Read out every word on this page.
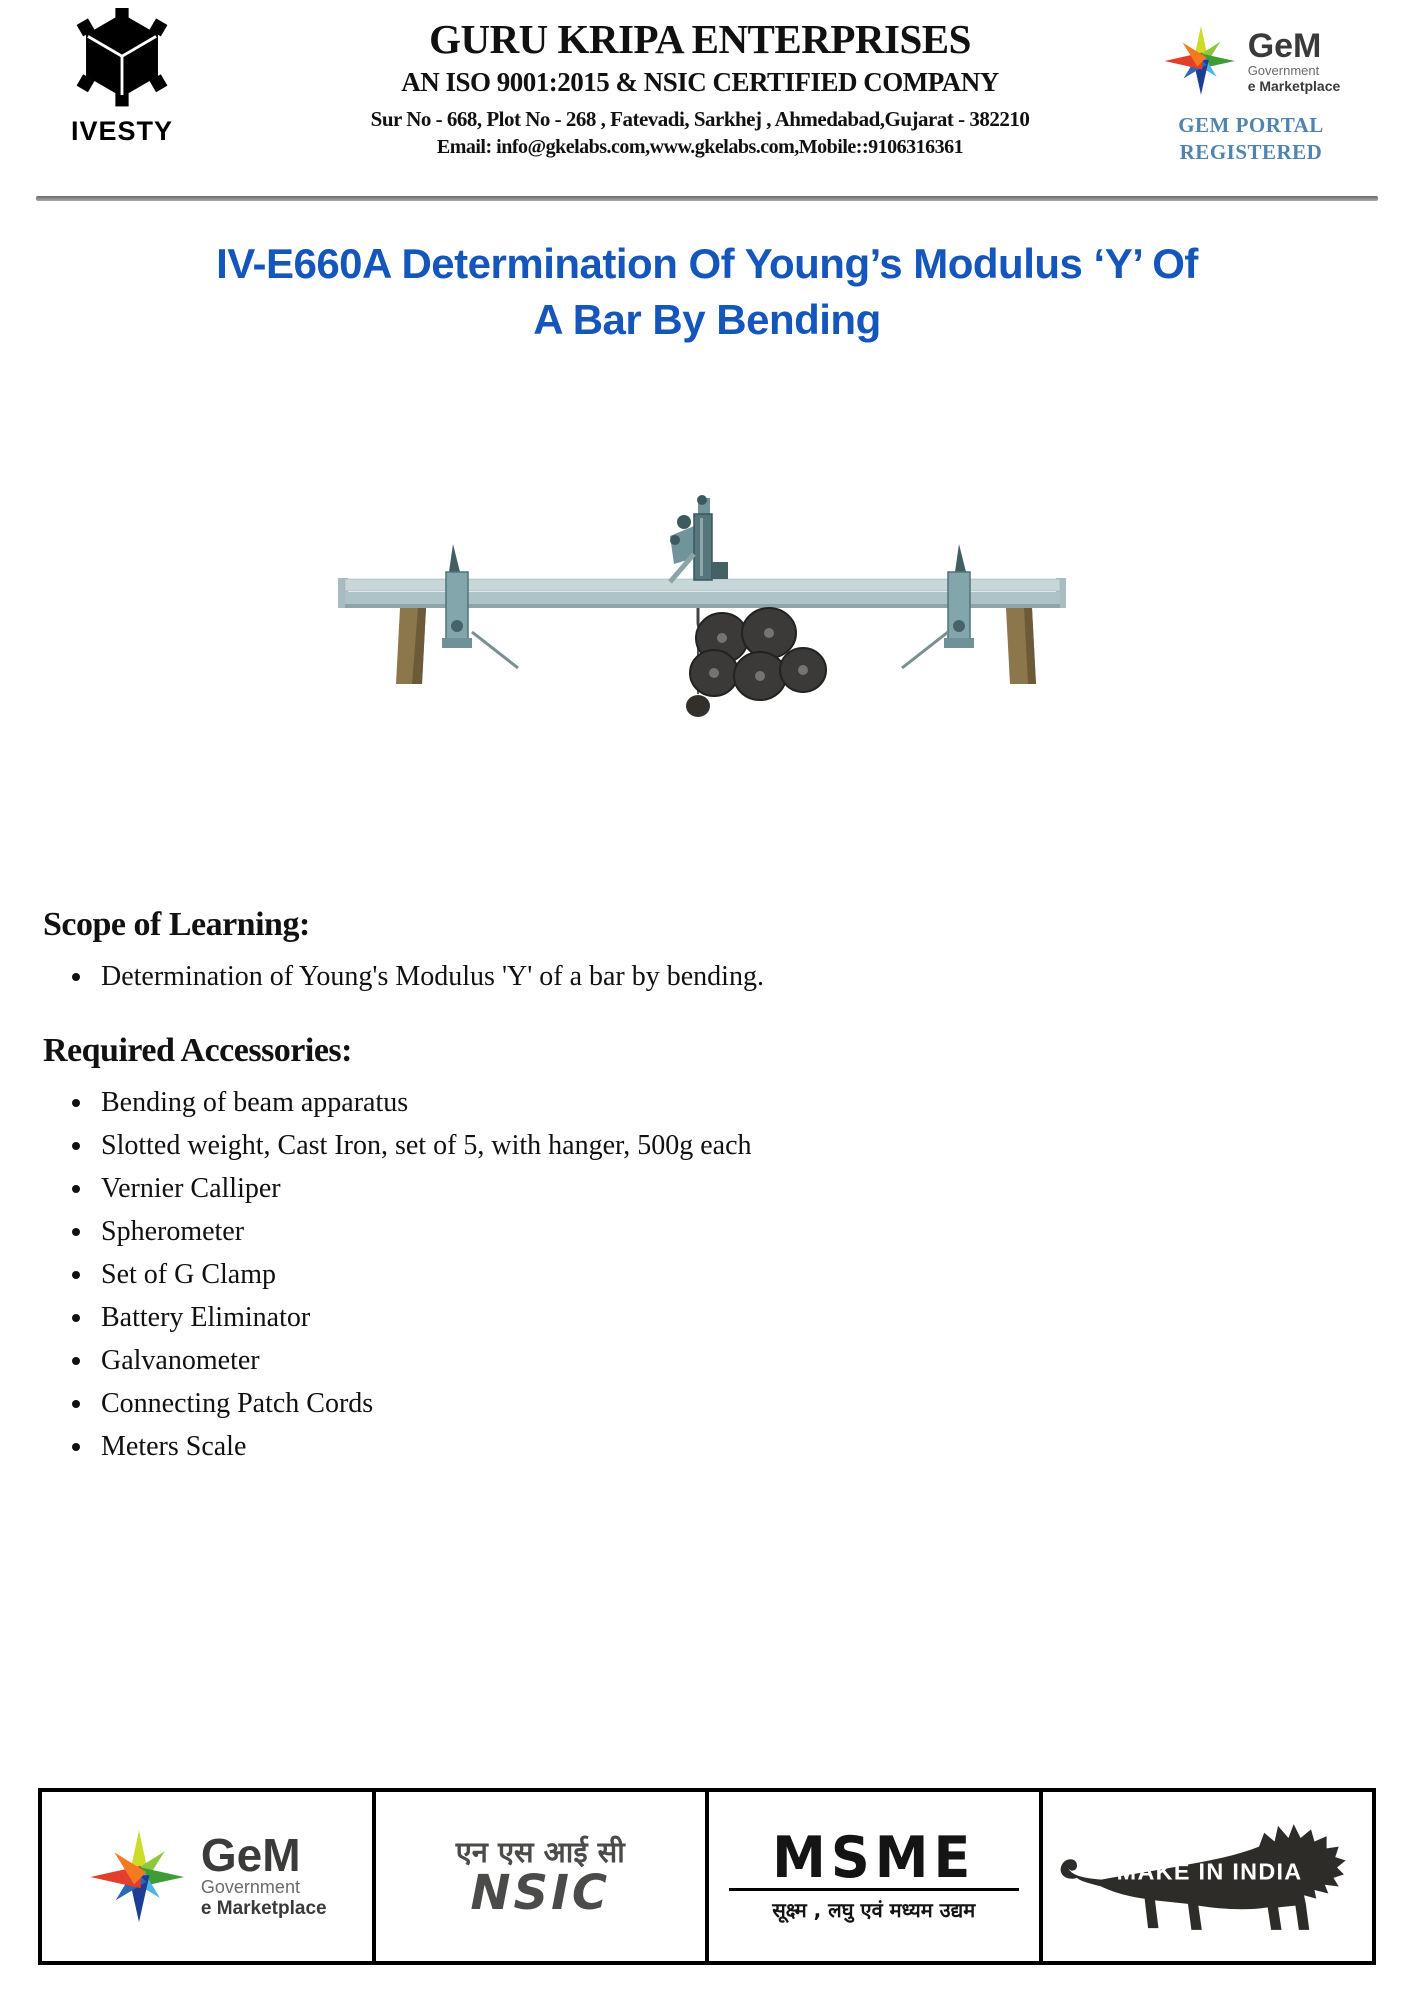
IVESTY
GURU KRIPA ENTERPRISES
AN ISO 9001:2015 & NSIC CERTIFIED COMPANY
Sur No - 668, Plot No - 268 , Fatevadi, Sarkhej , Ahmedabad,Gujarat - 382210
Email: info@gkelabs.com,www.gkelabs.com,Mobile::9106316361
GeM
Government
e Marketplace
GEM PORTAL
REGISTERED
IV-E660A Determination Of Young’s Modulus ‘Y’ Of
A Bar By Bending
Scope of Learning:
• Determination of Young's Modulus 'Y' of a bar by bending.
Required Accessories:
• Bending of beam apparatus
• Slotted weight, Cast Iron, set of 5, with hanger, 500g each
• Vernier Calliper
• Spherometer
• Set of G Clamp
• Battery Eliminator
• Galvanometer
• Connecting Patch Cords
• Meters Scale
GeM
Government
e Marketplace
एन एस आई सी
NSIC
MSME
सूक्ष्म , लघु एवं मध्यम उद्यम
MAKE IN INDIA
